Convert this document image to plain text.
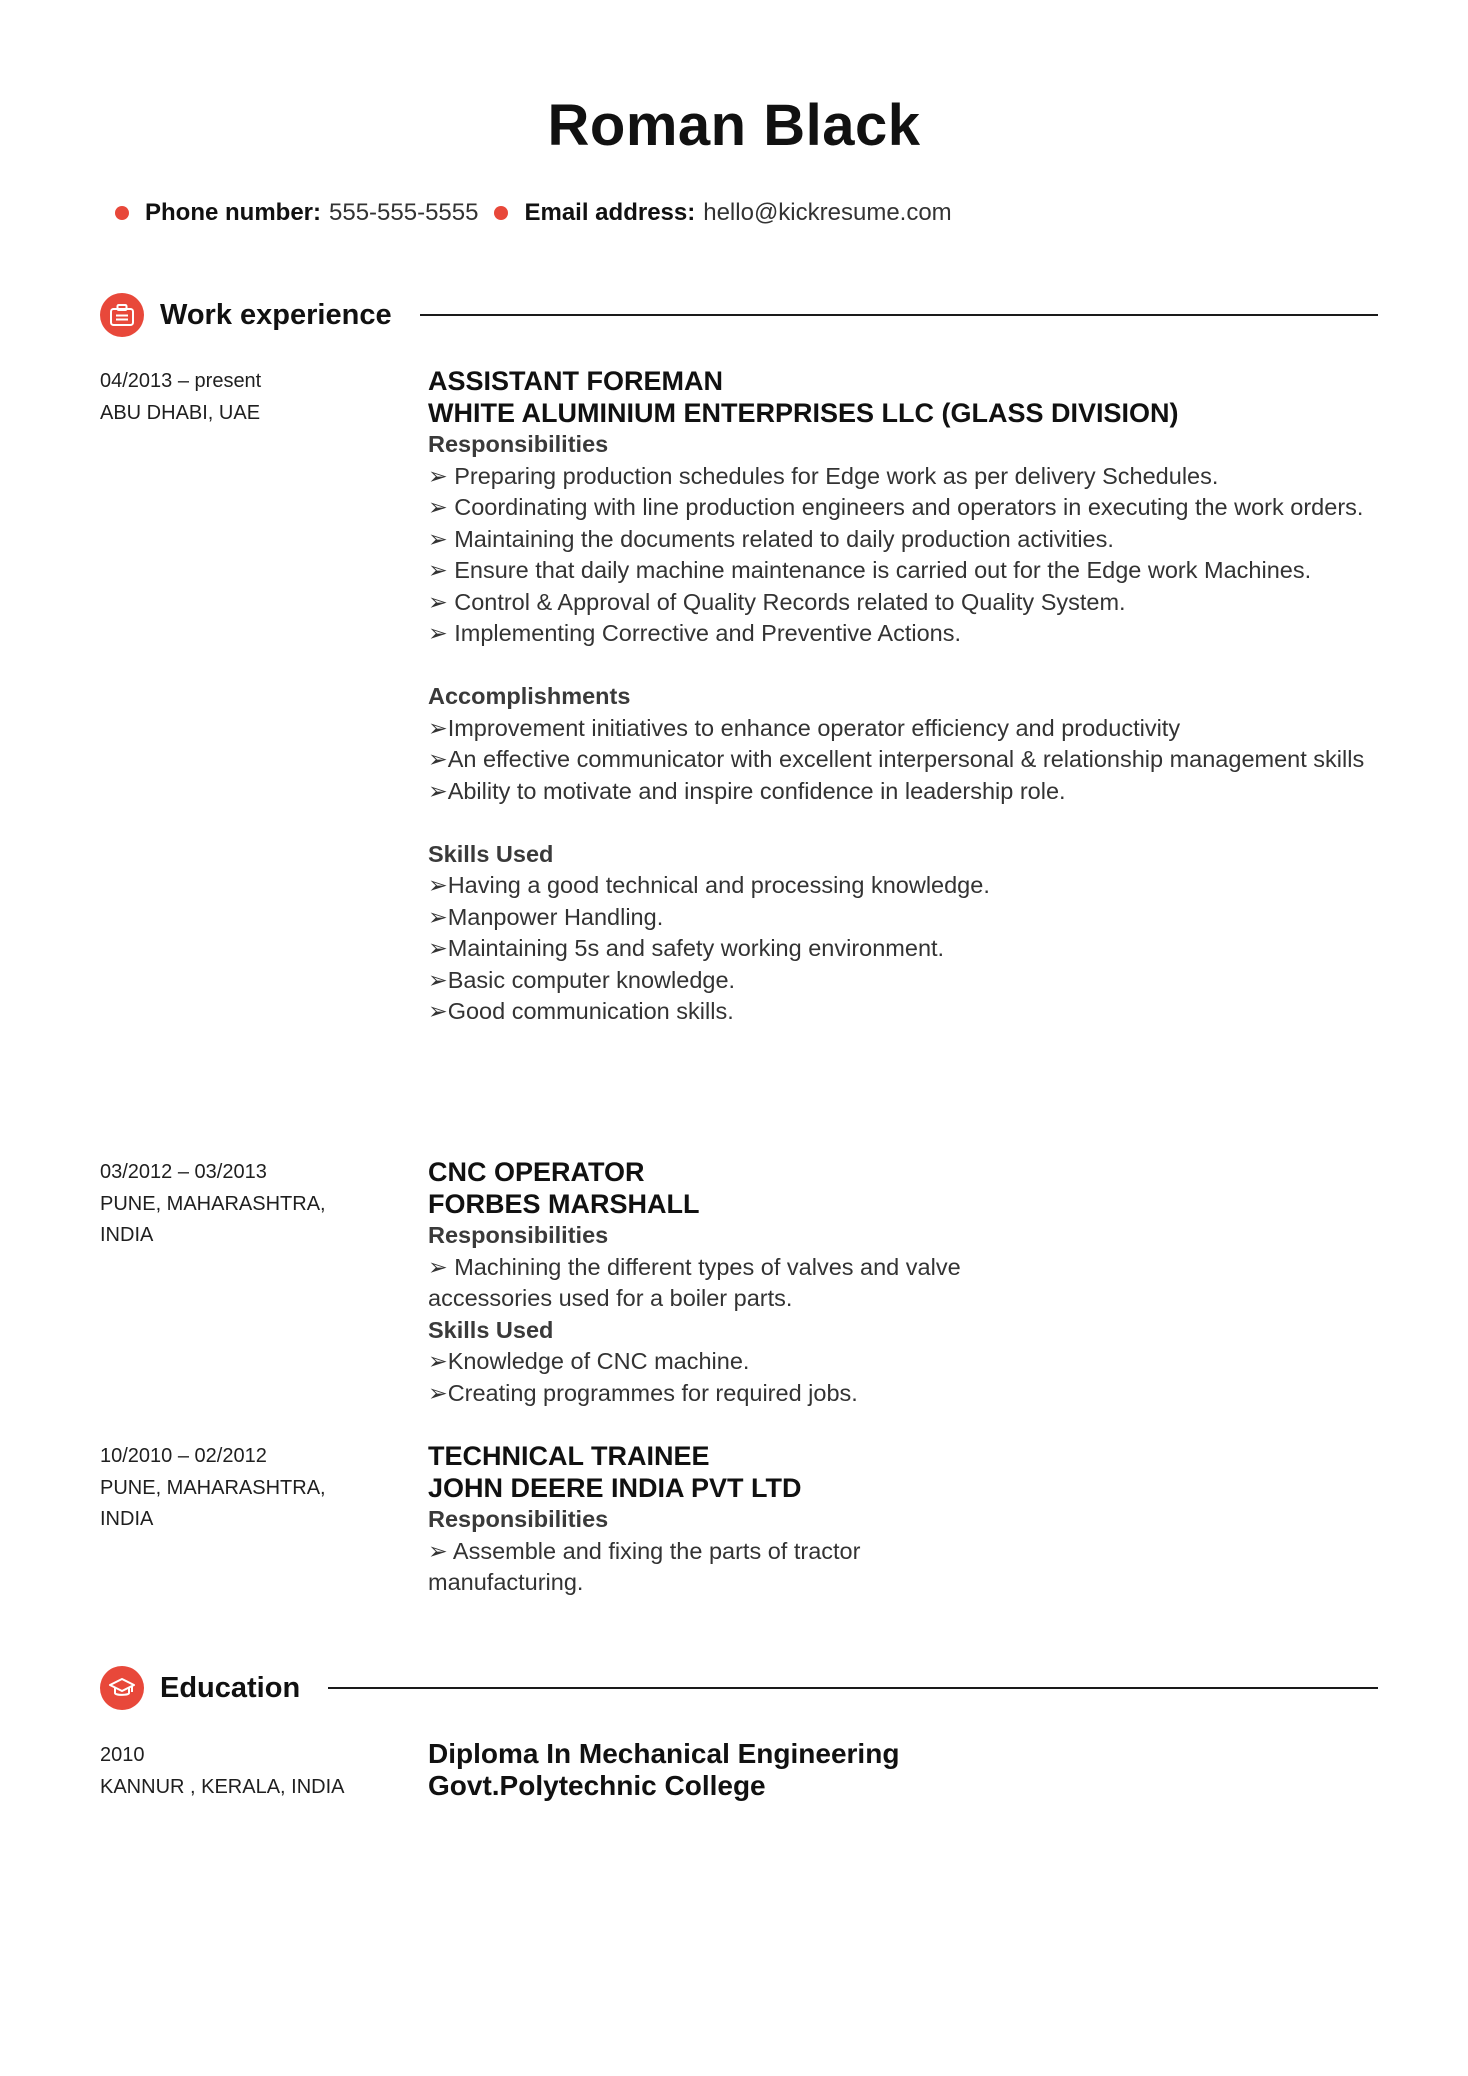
Roman Black
Phone number: 555-555-5555 Email address: hello@kickresume.com
Work experience
04/2013 – present
ABU DHABI, UAE
ASSISTANT FOREMAN
WHITE ALUMINIUM ENTERPRISES LLC (GLASS DIVISION)
Responsibilities
➢ Preparing production schedules for Edge work as per delivery Schedules.
➢ Coordinating with line production engineers and operators in executing the work orders.
➢ Maintaining the documents related to daily production activities.
➢ Ensure that daily machine maintenance is carried out for the Edge work Machines.
➢ Control & Approval of Quality Records related to Quality System.
➢ Implementing Corrective and Preventive Actions.
Accomplishments
➢Improvement initiatives to enhance operator efficiency and productivity
➢An effective communicator with excellent interpersonal & relationship management skills
➢Ability to motivate and inspire confidence in leadership role.
Skills Used
➢Having a good technical and processing knowledge.
➢Manpower Handling.
➢Maintaining 5s and safety working environment.
➢Basic computer knowledge.
➢Good communication skills.
03/2012 – 03/2013
PUNE, MAHARASHTRA, INDIA
CNC OPERATOR
FORBES MARSHALL
Responsibilities
➢ Machining the different types of valves and valve accessories used for a boiler parts.
Skills Used
➢Knowledge of CNC machine.
➢Creating programmes for required jobs.
10/2010 – 02/2012
PUNE, MAHARASHTRA, INDIA
TECHNICAL TRAINEE
JOHN DEERE INDIA PVT LTD
Responsibilities
➢ Assemble and fixing the parts of tractor manufacturing.
Education
2010
KANNUR , KERALA, INDIA
Diploma In Mechanical Engineering
Govt.Polytechnic College
